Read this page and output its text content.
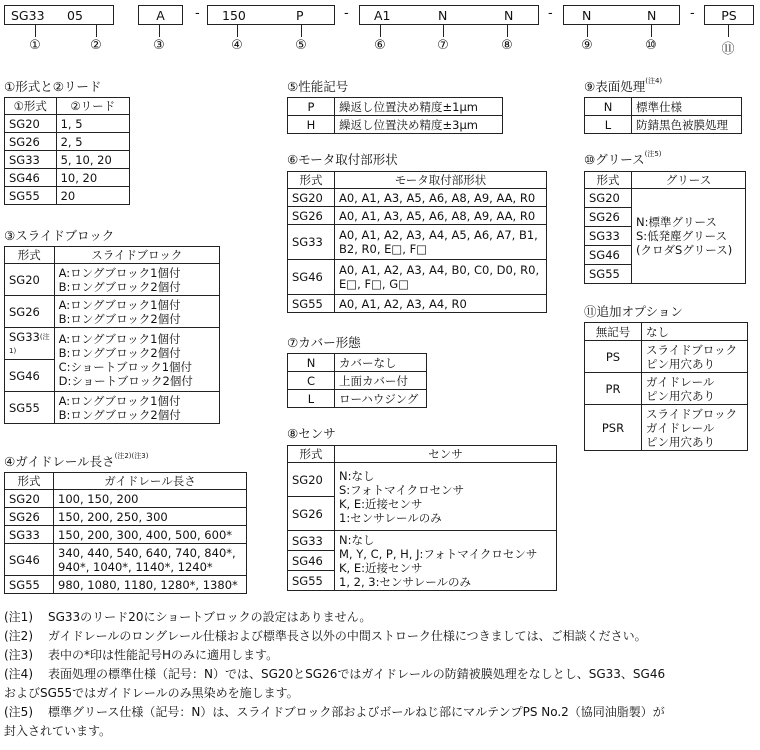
SG33 05	A - 150	P	- A1	N	N	- N	N	- PS
①	②	③	④	⑤	⑥	⑦	⑧	⑨	⑩	⑪
①形式と②リード
①形式	②リード
SG20	1, 5
SG26	2, 5
SG33	5, 10, 20
SG46	10, 20
SG55	20
③スライドブロック
形式	スライドブロック
SG20	A:ロングブロック1個付
B:ロングブロック2個付
SG26	A:ロングブロック1個付
B:ロングブロック2個付
$SG33^{(注1)}$	A:ロングブロック1個付
B:ロングブロック2個付
C:ショートブロック1個付
D:ショートブロック2個付
SG46	
SG55	A:ロングブロック1個付
B:ロングブロック2個付
④ガイドレール長さ$^{(注2)(注3)}$
形式	ガイドレール長さ
SG20	100, 150, 200
SG26	150, 200, 250, 300
SG33	150, 200, 300, 400, 500, 600*
SG46	340, 440, 540, 640, 740, 840*,
940*, 1040*, 1140*, 1240*
SG55	980, 1080, 1180, 1280*, 1380*
⑤性能記号
P	繰返し位置決め精度±1μm
H	繰返し位置決め精度±3μm
⑥モータ取付部形状
形式	モータ取付部形状
SG20	A0, A1, A3, A5, A6, A8, A9, AA, R0
SG26	A0, A1, A3, A5, A6, A8, A9, AA, R0
SG33	A0, A1, A2, A3, A4, A5, A6, A7, B1,
B2, R0, E□, F□
SG46	A0, A1, A2, A3, A4, B0, C0, D0, R0,
E□, F□, G□
SG55	A0, A1, A2, A3, A4, R0
⑦カバー形態
N	カバーなし
C	上面カバー付
L	ローハウジング
⑧センサ
形式	センサ
SG20	N:なし
S:フォトマイクロセンサ
K, E:近接センサ
1:センサレールのみ
SG26	
SG33	N:なし
M, Y, C, P, H, J:フォトマイクロセンサ
K, E:近接センサ
1, 2, 3:センサレールのみ
SG46	
SG55	
⑨表面処理$^{(注4)}$
N	標準仕様
L	防錆黒色被膜処理
⑩グリース$^{(注5)}$
形式	グリース
SG20	N:標準グリース
S:低発塵グリース
(クロダSグリース)
SG26	
SG33	
SG46	
SG55	
⑪追加オプション
無記号	なし
PS	スライドブロック
ピン用穴あり
PR	ガイドレール
ピン用穴あり
PSR	スライドブロック
ガイドレール
ピン用穴あり
(注1) SG33のリード20にショートブロックの設定はありません。
(注2) ガイドレールのロングレール仕様および標準長さ以外の中間ストローク仕様につきましては、ご相談ください。
(注3) 表中の*印は性能記号Hのみに適用します。
(注4) 表面処理の標準仕様（記号：N）では、SG20とSG26ではガイドレールの防錆被膜処理をなしとし、SG33、SG46
およびSG55ではガイドレールのみ黒染めを施します。
(注5) 標準グリース仕様（記号：N）は、スライドブロック部およびボールねじ部にマルテンプPS No.2（協同油脂製）が
封入されています。
